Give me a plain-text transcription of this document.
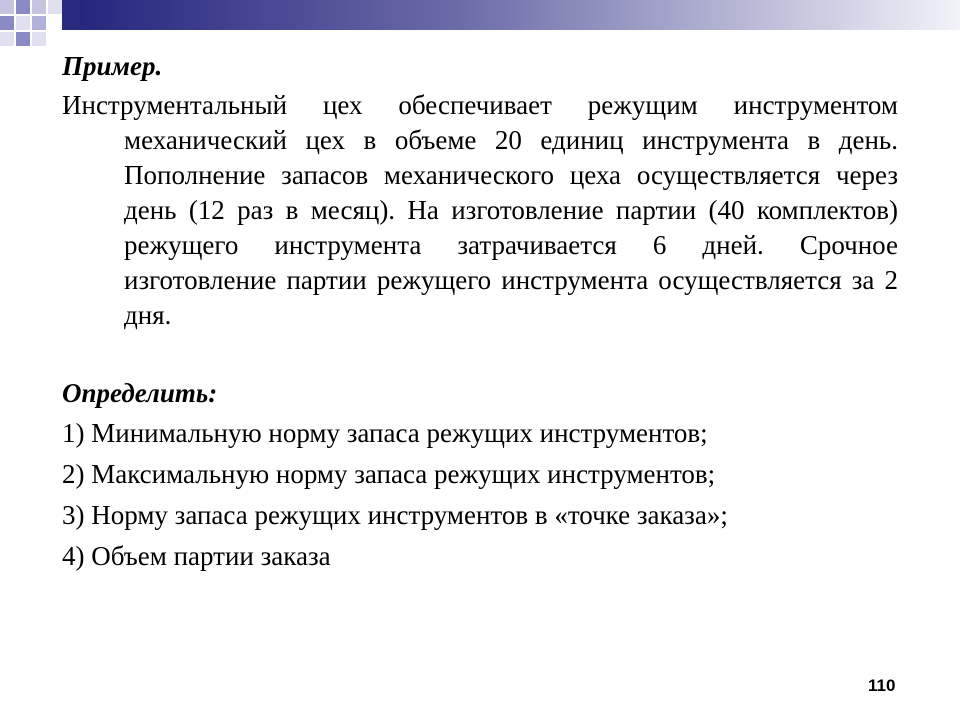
Пример.

Инструментальный цех обеспечивает режущим инструментом механический цех в объеме 20 единиц инструмента в день. Пополнение запасов механического цеха осуществляется через день (12 раз в месяц). На изготовление партии (40 комплектов) режущего инструмента затрачивается 6 дней. Срочное изготовление партии режущего инструмента осуществляется за 2 дня.

Определить:

1) Минимальную норму запаса режущих инструментов;
2) Максимальную норму запаса режущих инструментов;
3) Норму запаса режущих инструментов в «точке заказа»;
4) Объем партии заказа
110
